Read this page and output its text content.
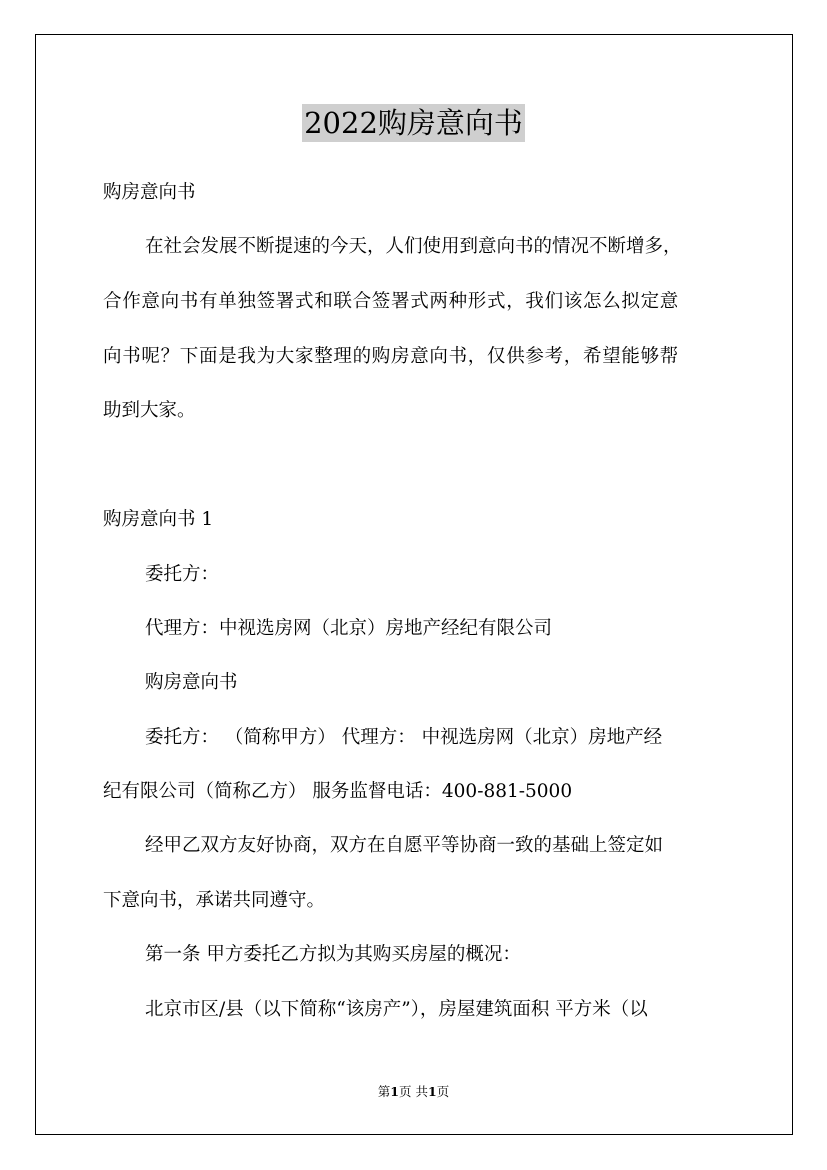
2022购房意向书
购房意向书
在社会发展不断提速的今天，人们使用到意向书的情况不断增多，
合作意向书有单独签署式和联合签署式两种形式，我们该怎么拟定意
向书呢？下面是我为大家整理的购房意向书，仅供参考，希望能够帮
助到大家。
购房意向书 1
委托方：
代理方：中视选房网（北京）房地产经纪有限公司
购房意向书
委托方： （简称甲方） 代理方： 中视选房网（北京）房地产经
纪有限公司（简称乙方） 服务监督电话：400-881-5000
经甲乙双方友好协商，双方在自愿平等协商一致的基础上签定如
下意向书，承诺共同遵守。
第一条 甲方委托乙方拟为其购买房屋的概况：
北京市区/县（以下简称“该房产”），房屋建筑面积 平方米（以
第1页 共1页
